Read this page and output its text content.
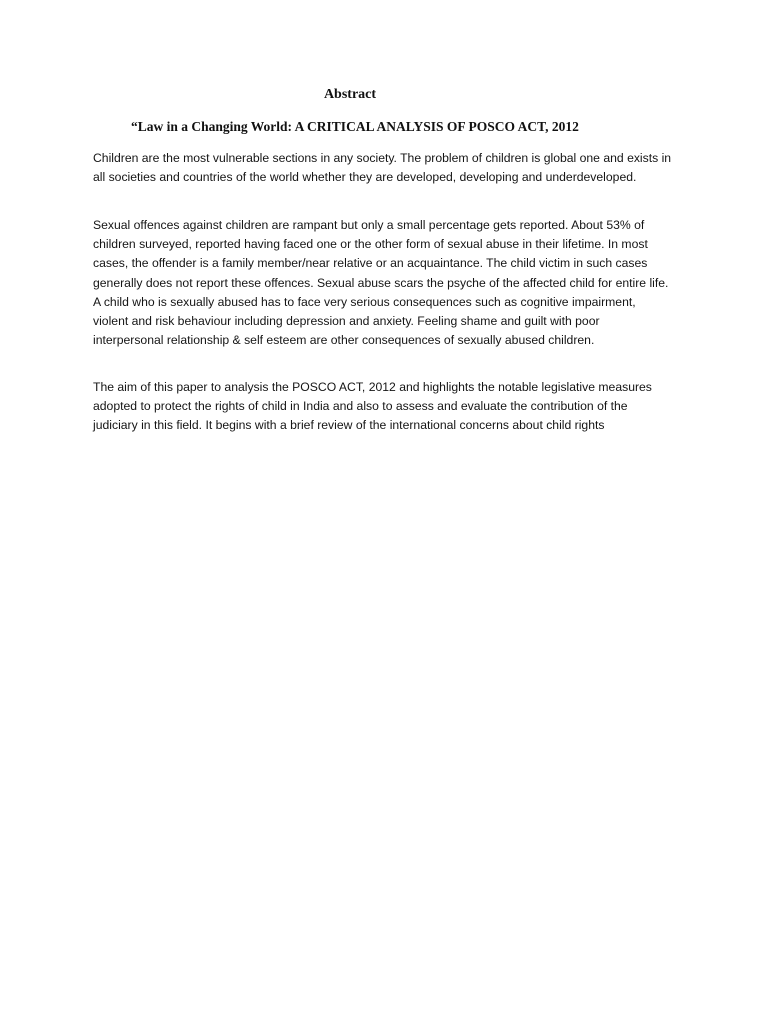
Abstract
“Law in a Changing World: A CRITICAL ANALYSIS OF POSCO ACT, 2012

Children are the most vulnerable sections in any society. The problem of children is global one and exists in all societies and countries of the world whether they are developed, developing and underdeveloped.

Sexual offences against children are rampant but only a small percentage gets reported. About 53% of children surveyed, reported having faced one or the other form of sexual abuse in their lifetime. In most cases, the offender is a family member/near relative or an acquaintance. The child victim in such cases generally does not report these offences. Sexual abuse scars the psyche of the affected child for entire life. A child who is sexually abused has to face very serious consequences such as cognitive impairment, violent and risk behaviour including depression and anxiety. Feeling shame and guilt with poor interpersonal relationship & self esteem are other consequences of sexually abused children.

The aim of this paper to analysis the POSCO ACT, 2012 and highlights the notable legislative measures adopted to protect the rights of child in India and also to assess and evaluate the contribution of the judiciary in this field. It begins with a brief review of the international concerns about child rights
